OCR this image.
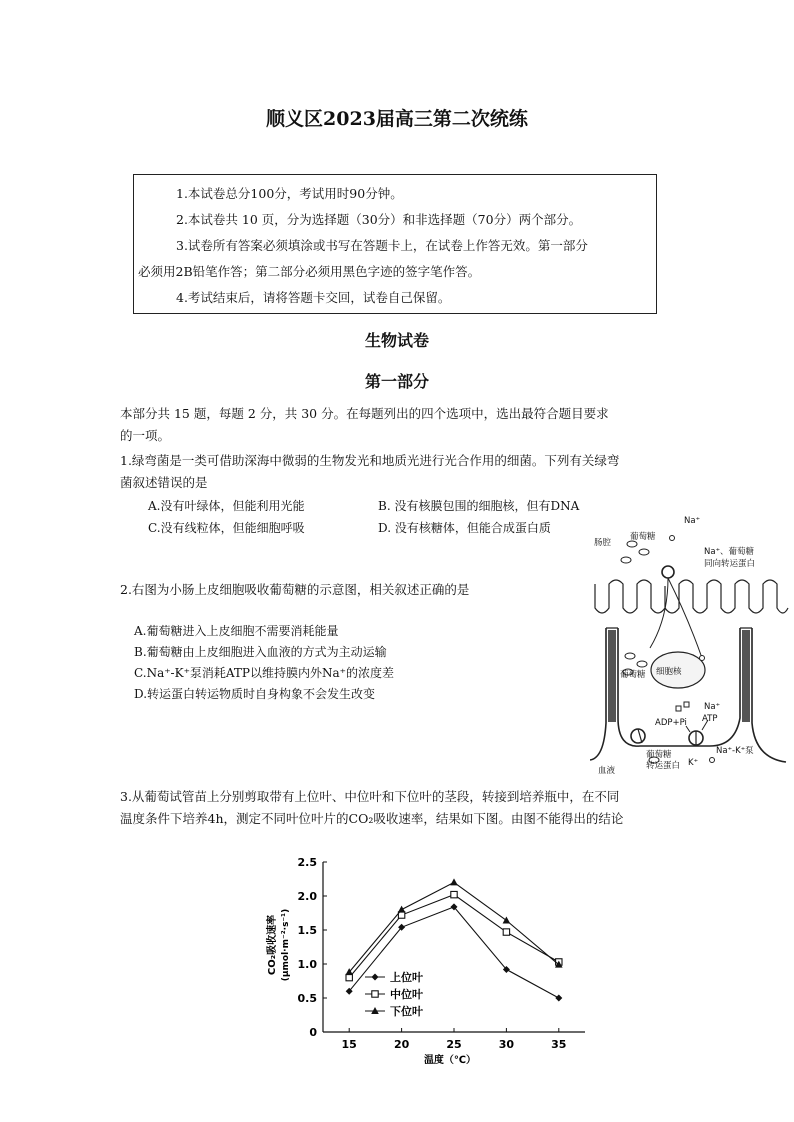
顺义区2023届高三第二次统练

1.本试卷总分100分，考试用时90分钟。

2.本试卷共 10 页，分为选择题（30分）和非选择题（70分）两个部分。

3.试卷所有答案必须填涂或书写在答题卡上，在试卷上作答无效。第一部分

必须用2B铅笔作答；第二部分必须用黑色字迹的签字笔作答。

4.考试结束后，请将答题卡交回，试卷自己保留。

生物试卷
第一部分
本部分共 15 题，每题 2 分，共 30 分。在每题列出的四个选项中，选出最符合题目要求
的一项。
1.绿弯菌是一类可借助深海中微弱的生物发光和地质光进行光合作用的细菌。下列有关绿弯
菌叙述错误的是
A.没有叶绿体，但能利用光能	B. 没有核膜包围的细胞核，但有DNA
C.没有线粒体，但能细胞呼吸	D. 没有核糖体，但能合成蛋白质
2.右图为小肠上皮细胞吸收葡萄糖的示意图，相关叙述正确的是
A.葡萄糖进入上皮细胞不需要消耗能量
B.葡萄糖由上皮细胞进入血液的方式为主动运输
C.Na⁺-K⁺泵消耗ATP以维持膜内外Na⁺的浓度差
D.转运蛋白转运物质时自身构象不会发生改变
肠腔
葡萄糖
Na⁺
Na⁺、葡萄糖
同向转运蛋白
细胞核
葡萄糖
Na⁺
ATP
ADP+Pi
Na⁺-K⁺泵
K⁺
葡萄糖
转运蛋白
血液
3.从葡萄试管苗上分别剪取带有上位叶、中位叶和下位叶的茎段，转接到培养瓶中，在不同
温度条件下培养4h，测定不同叶位叶片的CO₂吸收速率，结果如下图。由图不能得出的结论
0
0.5
1.0
1.5
2.0
2.5
15	20	25	30	35
上位叶
中位叶
下位叶
CO₂吸收速率 (μmol·m⁻²·s⁻¹)
温度（℃）
